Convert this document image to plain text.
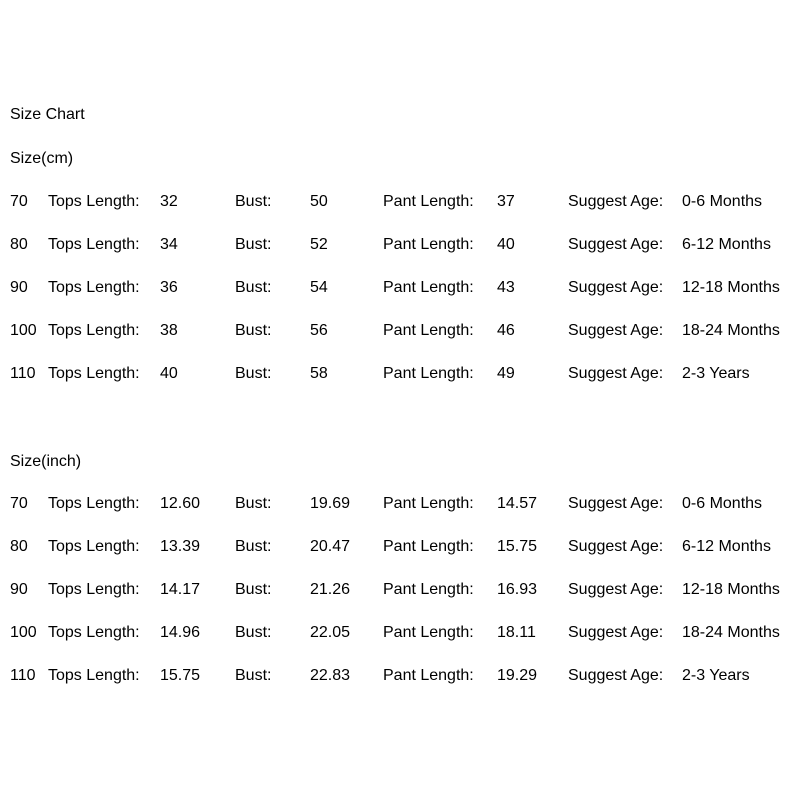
Size Chart
Size(cm)
70 Tops Length: 32	Bust: 50	Pant Length: 37	Suggest Age: 0-6 Months
80 Tops Length: 34	Bust: 52	Pant Length: 40	Suggest Age: 6-12 Months
90 Tops Length: 36	Bust: 54	Pant Length: 43	Suggest Age: 12-18 Months
100 Tops Length: 38	Bust: 56	Pant Length: 46	Suggest Age: 18-24 Months
110 Tops Length: 40	Bust: 58	Pant Length: 49	Suggest Age: 2-3 Years
Size(inch)
70 Tops Length: 12.60 Bust: 19.69 Pant Length: 14.57 Suggest Age: 0-6 Months
80 Tops Length: 13.39 Bust: 20.47 Pant Length: 15.75 Suggest Age: 6-12 Months
90 Tops Length: 14.17 Bust: 21.26 Pant Length: 16.93 Suggest Age: 12-18 Months
100 Tops Length: 14.96 Bust: 22.05 Pant Length: 18.11 Suggest Age: 18-24 Months
110 Tops Length: 15.75 Bust: 22.83 Pant Length: 19.29 Suggest Age: 2-3 Years
